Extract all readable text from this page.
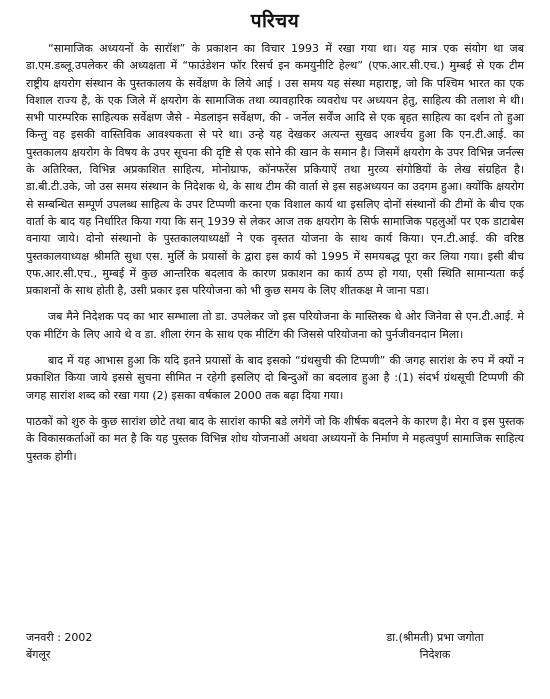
परिचय

“सामाजिक अध्ययनों के सारॉश” के प्रकाशन का विचार 1993 में रखा गया था। यह मात्र एक संयोग था जब डा.एम.डब्लू.उपलेकर की अध्यक्षता में “फाउंडेशन फॉर रिसर्च इन कमयुनीटि हेल्थ” (एफ.आर.सी.एच.) मुम्बई से एक टीम राष्ट्रीय क्षयरोग संस्थान के पुस्तकालय के सर्वेक्षण के लिये आई । उस समय यह संस्था महाराष्ट्र, जो कि पश्चिम भारत का एक विशाल राज्य है, के एक जिले में क्षयरोग के सामाजिक तथा व्यावहारिक व्यवरोध पर अध्ययन हेतु, साहित्य की तलाश मे थी। सभी पारम्परिक साहित्यक सर्वेक्षण जैसे - मेडलाइन सर्वेक्षण, की - जर्नेल सर्वेंज आदि से एक बृहत साहित्य का दर्शन तो हुआ किन्तु वह इसकी वास्तिविक आवश्यकता से परे था। उन्हे यह देखकर अत्यन्त सुखद आर्श्चय हुआ कि एन.टी.आई. का पुस्तकालय क्षयरोग के विषय के उपर सूचना की दृष्टि से एक सोने की खान के समान है। जिसमें क्षयरोग के उपर विभिन्न जर्नल्स के अतिरिक्त, विभिन्न अप्रकाशित साहित्य, मोनोग्राफ, कॉनफरेंस प्रकियाऐं तथा मुरव्य संगोष्ठियों के लेख संग्रहित है। डा.बी.टी.उके, जो उस समय संस्थान के निदेशक थे, के साथ टीम की वार्ता से इस सहअध्ययन का उदगम हुआ। क्योंकि क्षयरोग से सम्बन्धित सम्पूर्ण उपलब्ध साहित्य के उपर टिप्पणी करना एक विशाल कार्य था इसलिए दोनों संस्थानों की टीमों के बीच एक वार्ता के बाद यह निर्धारित किया गया कि सन् 1939 से लेकर आज तक क्षयरोग के सिर्फ सामाजिक पहलुओं पर एक डाटाबेस वनाया जाये। दोनो संस्थानो के पुस्तकालयाध्यक्षों ने एक वृस्तत योजना के साथ कार्य किया। एन.टी.आई. की वरिष्ठ पुस्तकालयाध्यक्ष श्रीमति सुधा एस. मुर्लि के प्रयासों के द्वारा इस कार्य को 1995 में समयबद्ध पूरा कर लिया गया। इसी बीच एफ.आर.सी.एच., मुम्बई में कुछ आन्तरिक बदलाव के कारण प्रकाशन का कार्य ठप्प हो गया, एसी स्थिति सामान्यता कई प्रकाशनों के साथ होती है, उसी प्रकार इस परियोजना को भी कुछ समय के लिए शीतकक्ष मे जाना पडा।

जब मैने निदेशक पद का भार सम्भाला तो डा. उपलेकर जो इस परियोजना के मास्तिस्क थे ओर जिनेवा से एन.टी.आई. मे एक मीटिंग के लिए आये थे व डा. शीला रंगन के साथ एक मीटिंग की जिससे परियोजना को पुर्नजीवनदान मिला।

बाद में यह आभास हुआ कि यदि इतने प्रयासों के बाद इसको “ग्रंथसुची की टिप्पणी” की जगह सारांश के रुप में क्यों न प्रकाशित किया जाये इससे सुचना सीमित न रहेगी इसलिए दो बिन्दुओं का बदलाव हुआ है :(1) संदर्भ ग्रंथसूची टिप्पणी की जगह सारांश शब्द को रखा गया (2) इसका वर्षकाल 2000 तक बढ़ा दिया गया।

पाठकों को शुरु के कुछ सारांश छोटे तथा बाद के सारांश काफी बडे लगेगें जो कि शीर्षक बदलने के कारण है। मेरा व इस पुस्तक के विकासकर्ताओं का मत है कि यह पुस्तक विभिन्न शोध योजनाओं अथवा अध्ययनों के निर्माण मे महत्वपुर्ण सामाजिक साहित्य पुस्तक होगी।

जनवरी : 2002	डा.(श्रीमती) प्रभा जगोता
बेंगलूर	निदेशक
